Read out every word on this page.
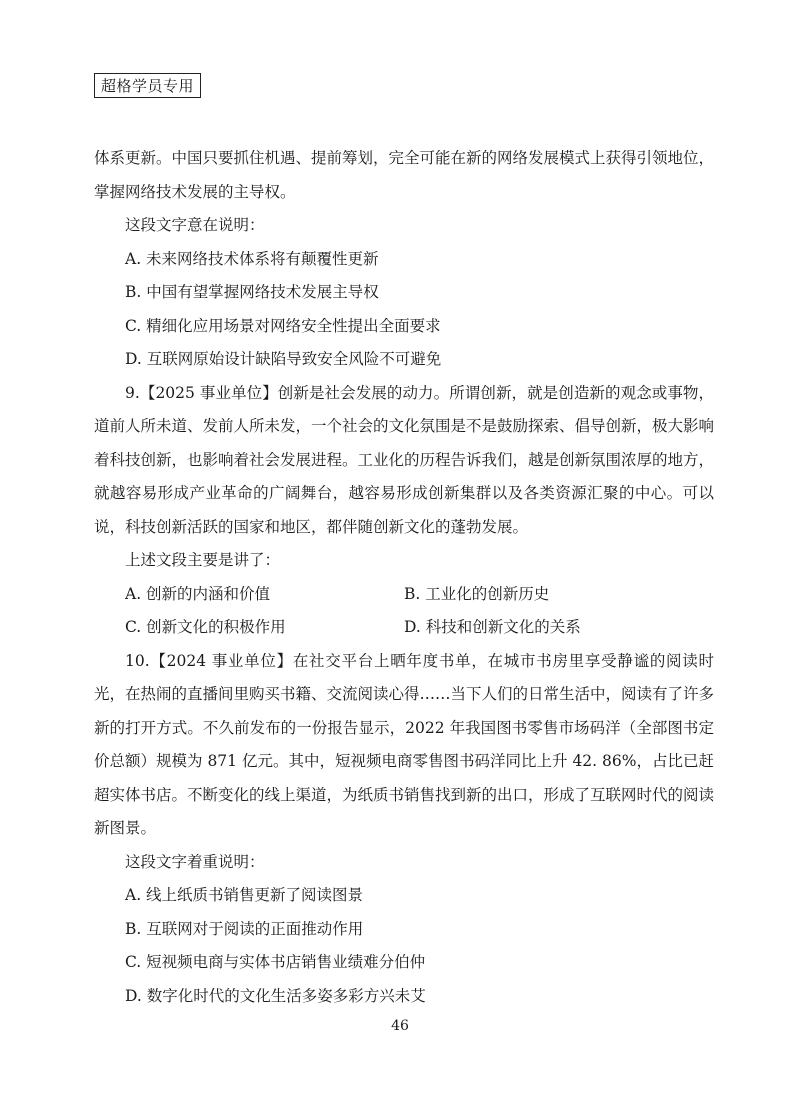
超格学员专用

体系更新。中国只要抓住机遇、提前筹划，完全可能在新的网络发展模式上获得引领地位，掌握网络技术发展的主导权。

这段文字意在说明：

A. 未来网络技术体系将有颠覆性更新

B. 中国有望掌握网络技术发展主导权

C. 精细化应用场景对网络安全性提出全面要求

D. 互联网原始设计缺陷导致安全风险不可避免

9.【2025 事业单位】创新是社会发展的动力。所谓创新，就是创造新的观念或事物，道前人所未道、发前人所未发，一个社会的文化氛围是不是鼓励探索、倡导创新，极大影响着科技创新，也影响着社会发展进程。工业化的历程告诉我们，越是创新氛围浓厚的地方，就越容易形成产业革命的广阔舞台，越容易形成创新集群以及各类资源汇聚的中心。可以说，科技创新活跃的国家和地区，都伴随创新文化的蓬勃发展。

上述文段主要是讲了：

A. 创新的内涵和价值	B. 工业化的创新历史
C. 创新文化的积极作用	D. 科技和创新文化的关系

10.【2024 事业单位】在社交平台上晒年度书单，在城市书房里享受静谧的阅读时光，在热闹的直播间里购买书籍、交流阅读心得……当下人们的日常生活中，阅读有了许多新的打开方式。不久前发布的一份报告显示，2022 年我国图书零售市场码洋（全部图书定价总额）规模为 871 亿元。其中，短视频电商零售图书码洋同比上升 42. 86%，占比已赶超实体书店。不断变化的线上渠道，为纸质书销售找到新的出口，形成了互联网时代的阅读新图景。

这段文字着重说明：

A. 线上纸质书销售更新了阅读图景

B. 互联网对于阅读的正面推动作用

C. 短视频电商与实体书店销售业绩难分伯仲

D. 数字化时代的文化生活多姿多彩方兴未艾

46
